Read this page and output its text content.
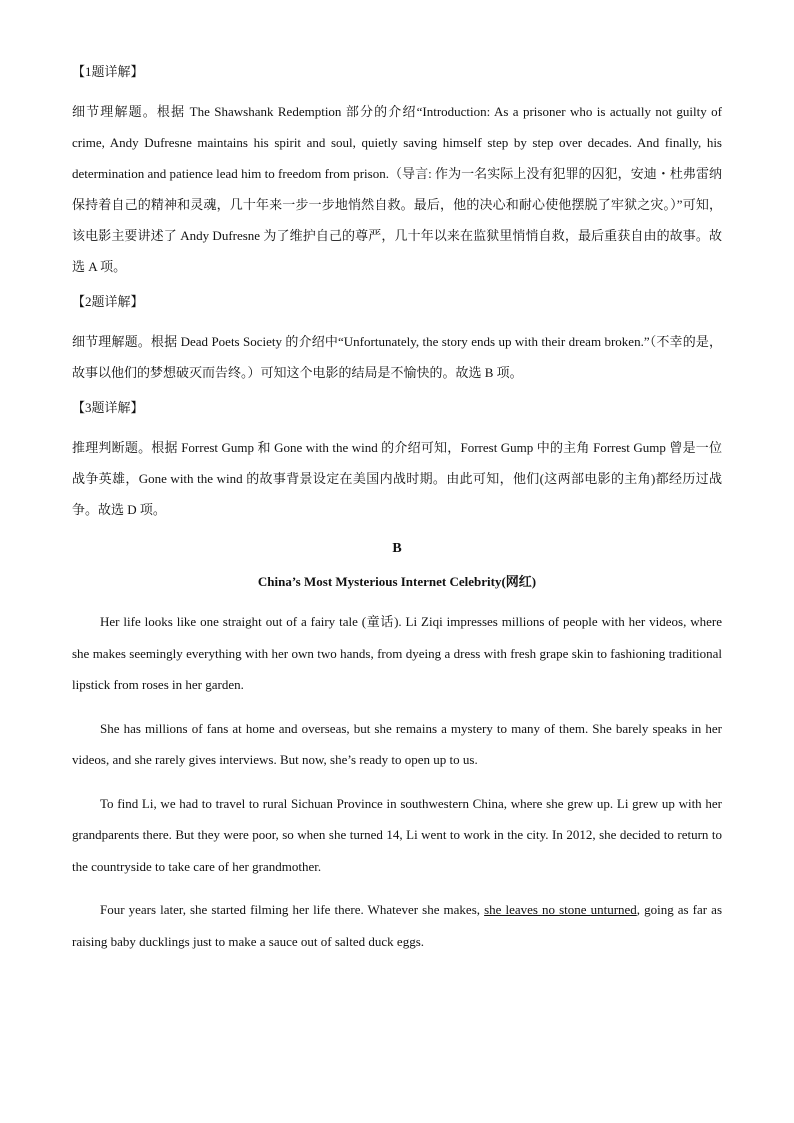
【1题详解】
细节理解题。根据 The Shawshank Redemption 部分的介绍“Introduction: As a prisoner who is actually not guilty of crime, Andy Dufresne maintains his spirit and soul, quietly saving himself step by step over decades. And finally, his determination and patience lead him to freedom from prison.（导言: 作为一名实际上没有犯罪的囚犯，安迪・杜弗雷纳保持着自己的精神和灵魂，几十年来一步一步地悄然自救。最后，他的决心和耐心使他摆脱了牢狱之灾。）”可知，该电影主要讲述了 Andy Dufresne 为了维护自己的尊严，几十年以来在监狱里悄悄自救，最后重获自由的故事。故选 A 项。
【2题详解】
细节理解题。根据 Dead Poets Society 的介绍中“Unfortunately, the story ends up with their dream broken.”（不幸的是，故事以他们的梦想破灭而告终。）可知这个电影的结局是不愉快的。故选 B 项。
【3题详解】
推理判断题。根据 Forrest Gump 和 Gone with the wind 的介绍可知，Forrest Gump 中的主角 Forrest Gump 曾是一位战争英雄，Gone with the wind 的故事背景设定在美国内战时期。由此可知，他们(这两部电影的主角)都经历过战争。故选 D 项。
B
China’s Most Mysterious Internet Celebrity(网红)
Her life looks like one straight out of a fairy tale (童话). Li Ziqi impresses millions of people with her videos, where she makes seemingly everything with her own two hands, from dyeing a dress with fresh grape skin to fashioning traditional lipstick from roses in her garden.
She has millions of fans at home and overseas, but she remains a mystery to many of them. She barely speaks in her videos, and she rarely gives interviews. But now, she’s ready to open up to us.
To find Li, we had to travel to rural Sichuan Province in southwestern China, where she grew up. Li grew up with her grandparents there. But they were poor, so when she turned 14, Li went to work in the city. In 2012, she decided to return to the countryside to take care of her grandmother.
Four years later, she started filming her life there. Whatever she makes, she leaves no stone unturned, going as far as raising baby ducklings just to make a sauce out of salted duck eggs.
